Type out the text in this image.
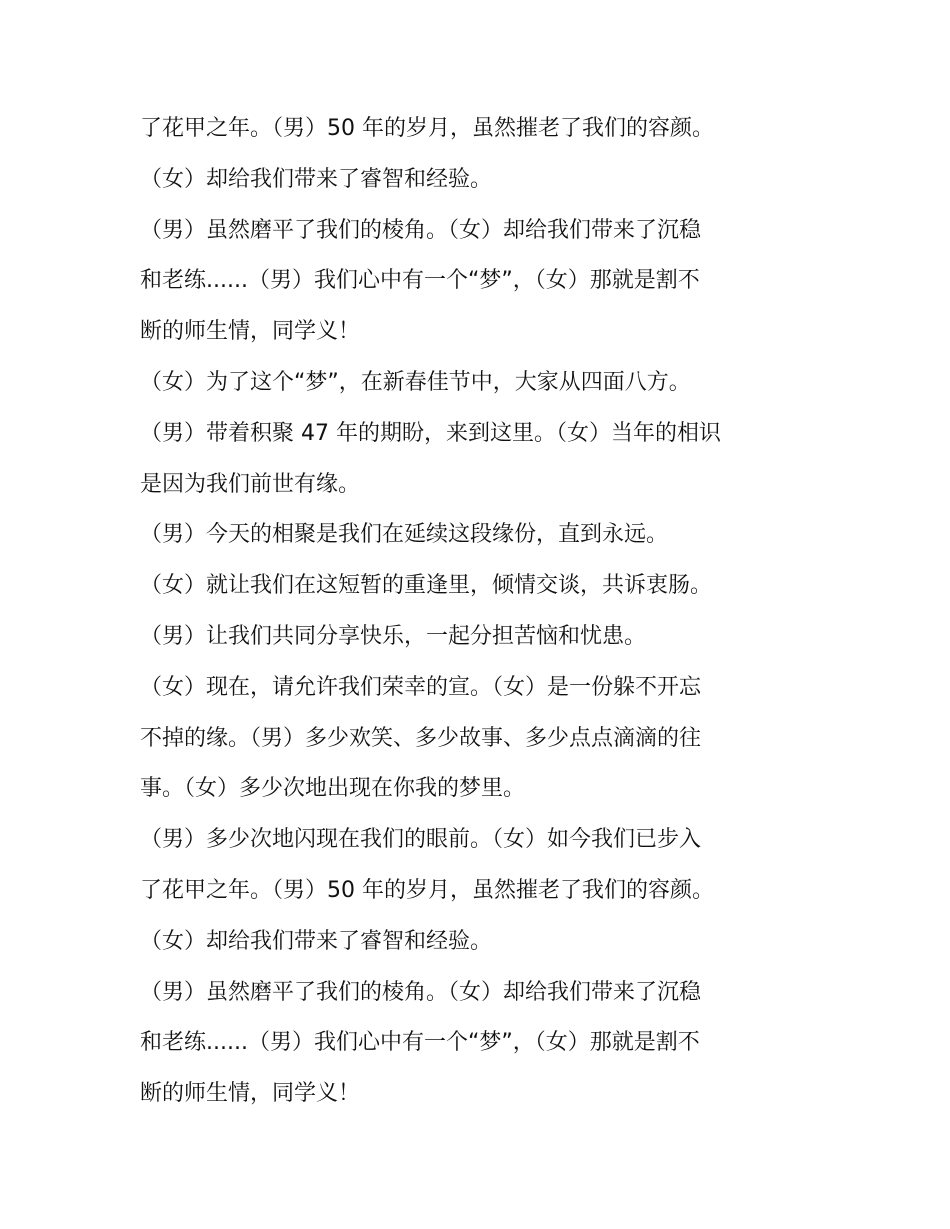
了花甲之年。（男）50 年的岁月，虽然摧老了我们的容颜。
（女）却给我们带来了睿智和经验。
（男）虽然磨平了我们的棱角。（女）却给我们带来了沉稳
和老练......（男）我们心中有一个“梦”，（女）那就是割不
断的师生情，同学义！
（女）为了这个“梦”，在新春佳节中，大家从四面八方。
（男）带着积聚 47 年的期盼，来到这里。（女）当年的相识
是因为我们前世有缘。
（男）今天的相聚是我们在延续这段缘份，直到永远。
（女）就让我们在这短暂的重逢里，倾情交谈，共诉衷肠。
（男）让我们共同分享快乐，一起分担苦恼和忧患。
（女）现在，请允许我们荣幸的宣。（女）是一份躲不开忘
不掉的缘。（男）多少欢笑、多少故事、多少点点滴滴的往
事。（女）多少次地出现在你我的梦里。
（男）多少次地闪现在我们的眼前。（女）如今我们已步入
了花甲之年。（男）50 年的岁月，虽然摧老了我们的容颜。
（女）却给我们带来了睿智和经验。
（男）虽然磨平了我们的棱角。（女）却给我们带来了沉稳
和老练......（男）我们心中有一个“梦”，（女）那就是割不
断的师生情，同学义！
